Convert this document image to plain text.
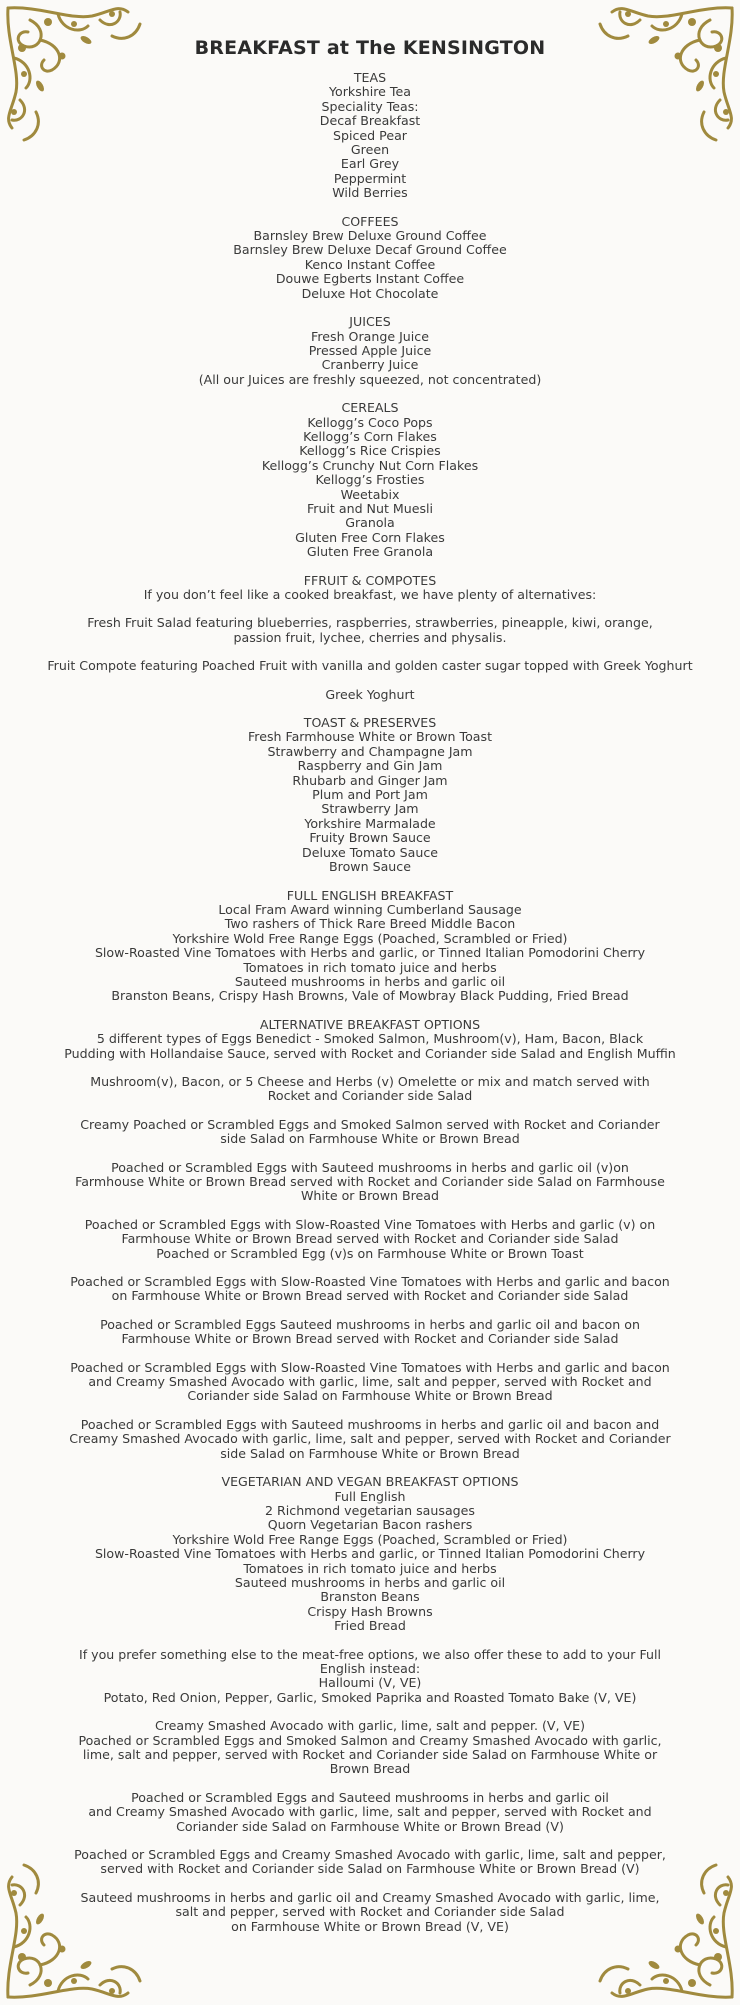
BREAKFAST at The KENSINGTON
TEAS
Yorkshire Tea
Speciality Teas:
Decaf Breakfast
Spiced Pear
Green
Earl Grey
Peppermint
Wild Berries
COFFEES
Barnsley Brew Deluxe Ground Coffee
Barnsley Brew Deluxe Decaf Ground Coffee
Kenco Instant Coffee
Douwe Egberts Instant Coffee
Deluxe Hot Chocolate
JUICES
Fresh Orange Juice
Pressed Apple Juice
Cranberry Juice
(All our Juices are freshly squeezed, not concentrated)
CEREALS
Kellogg’s Coco Pops
Kellogg’s Corn Flakes
Kellogg’s Rice Crispies
Kellogg’s Crunchy Nut Corn Flakes
Kellogg’s Frosties
Weetabix
Fruit and Nut Muesli
Granola
Gluten Free Corn Flakes
Gluten Free Granola
FFRUIT & COMPOTES
If you don’t feel like a cooked breakfast, we have plenty of alternatives:
Fresh Fruit Salad featuring blueberries, raspberries, strawberries, pineapple, kiwi, orange,
passion fruit, lychee, cherries and physalis.
Fruit Compote featuring Poached Fruit with vanilla and golden caster sugar topped with Greek Yoghurt
Greek Yoghurt
TOAST & PRESERVES
Fresh Farmhouse White or Brown Toast
Strawberry and Champagne Jam
Raspberry and Gin Jam
Rhubarb and Ginger Jam
Plum and Port Jam
Strawberry Jam
Yorkshire Marmalade
Fruity Brown Sauce
Deluxe Tomato Sauce
Brown Sauce
FULL ENGLISH BREAKFAST
Local Fram Award winning Cumberland Sausage
Two rashers of Thick Rare Breed Middle Bacon
Yorkshire Wold Free Range Eggs (Poached, Scrambled or Fried)
Slow-Roasted Vine Tomatoes with Herbs and garlic, or Tinned Italian Pomodorini Cherry
Tomatoes in rich tomato juice and herbs
Sauteed mushrooms in herbs and garlic oil
Branston Beans, Crispy Hash Browns, Vale of Mowbray Black Pudding, Fried Bread
ALTERNATIVE BREAKFAST OPTIONS
5 different types of Eggs Benedict - Smoked Salmon, Mushroom(v), Ham, Bacon, Black
Pudding with Hollandaise Sauce, served with Rocket and Coriander side Salad and English Muffin
Mushroom(v), Bacon, or 5 Cheese and Herbs (v) Omelette or mix and match served with
Rocket and Coriander side Salad
Creamy Poached or Scrambled Eggs and Smoked Salmon served with Rocket and Coriander
side Salad on Farmhouse White or Brown Bread
Poached or Scrambled Eggs with Sauteed mushrooms in herbs and garlic oil (v)on
Farmhouse White or Brown Bread served with Rocket and Coriander side Salad on Farmhouse
White or Brown Bread
Poached or Scrambled Eggs with Slow-Roasted Vine Tomatoes with Herbs and garlic (v) on
Farmhouse White or Brown Bread served with Rocket and Coriander side Salad
Poached or Scrambled Egg (v)s on Farmhouse White or Brown Toast
Poached or Scrambled Eggs with Slow-Roasted Vine Tomatoes with Herbs and garlic and bacon
on Farmhouse White or Brown Bread served with Rocket and Coriander side Salad
Poached or Scrambled Eggs Sauteed mushrooms in herbs and garlic oil and bacon on
Farmhouse White or Brown Bread served with Rocket and Coriander side Salad
Poached or Scrambled Eggs with Slow-Roasted Vine Tomatoes with Herbs and garlic and bacon
and Creamy Smashed Avocado with garlic, lime, salt and pepper, served with Rocket and
Coriander side Salad on Farmhouse White or Brown Bread
Poached or Scrambled Eggs with Sauteed mushrooms in herbs and garlic oil and bacon and
Creamy Smashed Avocado with garlic, lime, salt and pepper, served with Rocket and Coriander
side Salad on Farmhouse White or Brown Bread
VEGETARIAN AND VEGAN BREAKFAST OPTIONS
Full English
2 Richmond vegetarian sausages
Quorn Vegetarian Bacon rashers
Yorkshire Wold Free Range Eggs (Poached, Scrambled or Fried)
Slow-Roasted Vine Tomatoes with Herbs and garlic, or Tinned Italian Pomodorini Cherry
Tomatoes in rich tomato juice and herbs
Sauteed mushrooms in herbs and garlic oil
Branston Beans
Crispy Hash Browns
Fried Bread
If you prefer something else to the meat-free options, we also offer these to add to your Full
English instead:
Halloumi (V, VE)
Potato, Red Onion, Pepper, Garlic, Smoked Paprika and Roasted Tomato Bake (V, VE)
Creamy Smashed Avocado with garlic, lime, salt and pepper. (V, VE)
Poached or Scrambled Eggs and Smoked Salmon and Creamy Smashed Avocado with garlic,
lime, salt and pepper, served with Rocket and Coriander side Salad on Farmhouse White or
Brown Bread
Poached or Scrambled Eggs and Sauteed mushrooms in herbs and garlic oil
and Creamy Smashed Avocado with garlic, lime, salt and pepper, served with Rocket and
Coriander side Salad on Farmhouse White or Brown Bread (V)
Poached or Scrambled Eggs and Creamy Smashed Avocado with garlic, lime, salt and pepper,
served with Rocket and Coriander side Salad on Farmhouse White or Brown Bread (V)
Sauteed mushrooms in herbs and garlic oil and Creamy Smashed Avocado with garlic, lime,
salt and pepper, served with Rocket and Coriander side Salad
on Farmhouse White or Brown Bread (V, VE)
